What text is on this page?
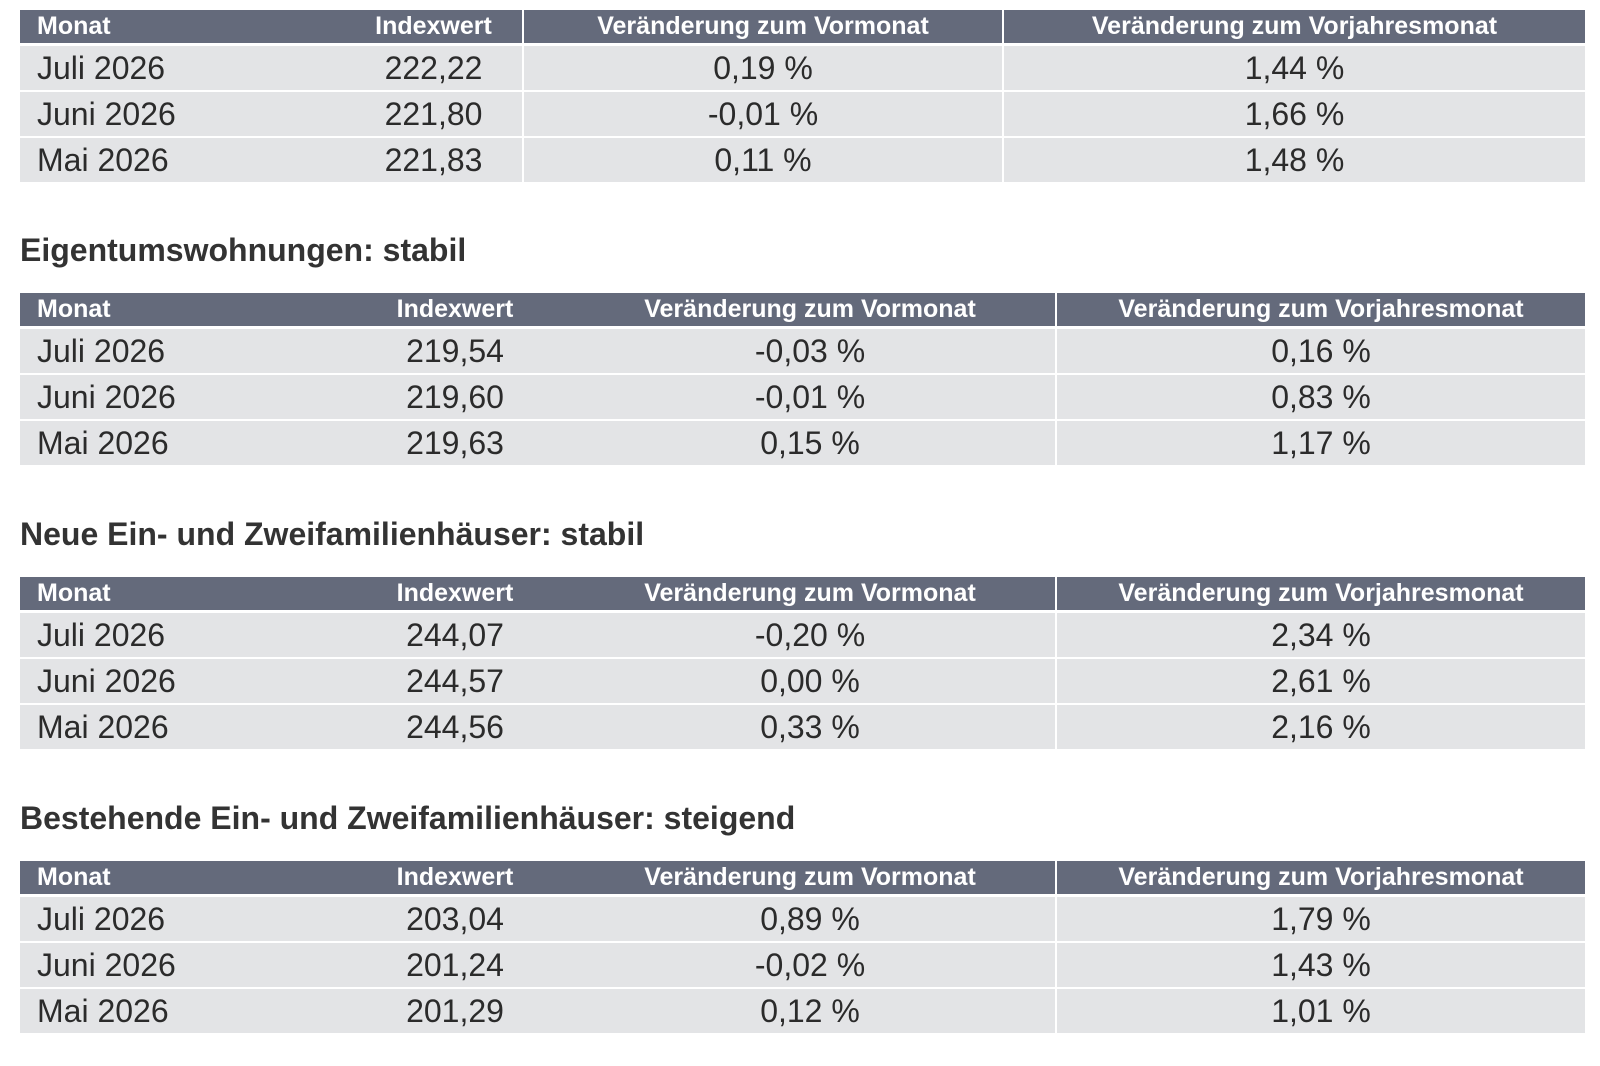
Monat	Indexwert	Veränderung zum Vormonat	Veränderung zum Vorjahresmonat
Juli 2026	222,22	0,19 %	1,44 %
Juni 2026	221,80	-0,01 %	1,66 %
Mai 2026	221,83	0,11 %	1,48 %
Eigentumswohnungen: stabil
Monat	Indexwert	Veränderung zum Vormonat	Veränderung zum Vorjahresmonat
Juli 2026	219,54	-0,03 %	0,16 %
Juni 2026	219,60	-0,01 %	0,83 %
Mai 2026	219,63	0,15 %	1,17 %
Neue Ein- und Zweifamilienhäuser: stabil
Monat	Indexwert	Veränderung zum Vormonat	Veränderung zum Vorjahresmonat
Juli 2026	244,07	-0,20 %	2,34 %
Juni 2026	244,57	0,00 %	2,61 %
Mai 2026	244,56	0,33 %	2,16 %
Bestehende Ein- und Zweifamilienhäuser: steigend
Monat	Indexwert	Veränderung zum Vormonat	Veränderung zum Vorjahresmonat
Juli 2026	203,04	0,89 %	1,79 %
Juni 2026	201,24	-0,02 %	1,43 %
Mai 2026	201,29	0,12 %	1,01 %
